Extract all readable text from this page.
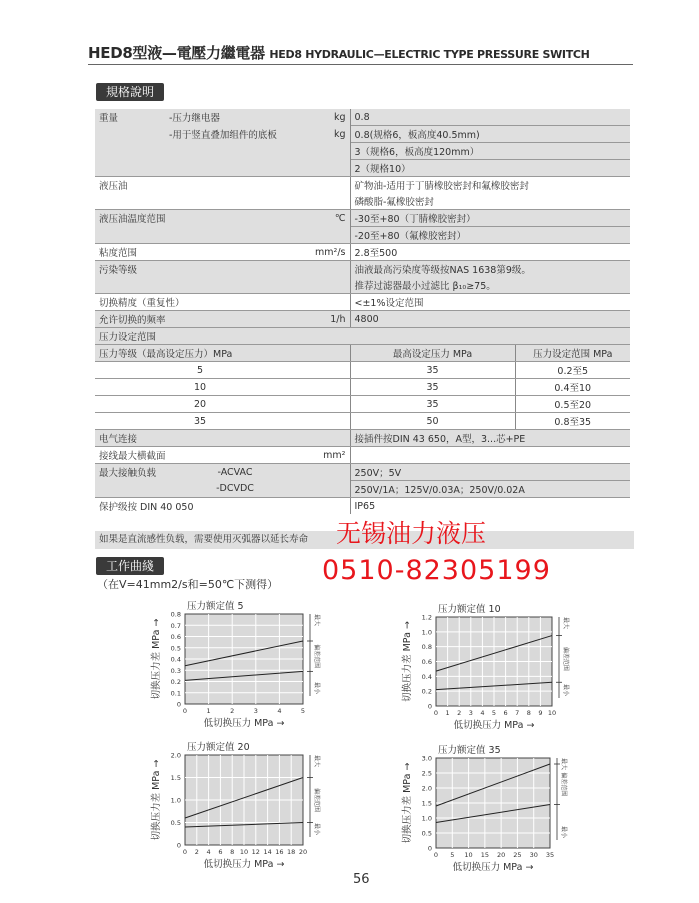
HED8型液—電壓力繼電器 HED8 HYDRAULIC—ELECTRIC TYPE PRESSURE SWITCH
規格說明
重量	-压力继电器	kg	0.8	
	-用于竖直叠加组件的底板	kg	0.8(规格6，板高度40.5mm)	
			3（规格6，板高度120mm）	
			2（规格10）	
液压油			矿物油-适用于丁腈橡胶密封和氟橡胶密封	
			磷酸脂-氟橡胶密封	
液压油温度范围		℃	-30至+80（丁腈橡胶密封）	
			-20至+80（氟橡胶密封）	
粘度范围		mm²/s	2.8至500	
污染等级			油液最高污染度等级按NAS 1638第9级。	
			推荐过滤器最小过滤比 β₁₀≥75。	
切换精度（重复性）			<±1%设定范围	
允许切换的频率		1/h	4800	
压力设定范围				
压力等级（最高设定压力）MPa			最高设定压力 MPa	压力设定范围 MPa
5			35	0.2至5
10			35	0.4至10
20			35	0.5至20
35			50	0.8至35
电气连接			接插件按DIN 43 650，A型，3...芯+PE	
接线最大横截面		mm²		
最大接触负载	-ACVAC		250V；5V	
	-DCVDC		250V/1A；125V/0.03A；250V/0.02A	
保护级按 DIN 40 050			IP65	
如果是直流感性负载，需要使用灭弧器以延长寿命	无锡油力液压
0510-82305199
工作曲綫
（在V=41mm2/s和=50℃下测得）
0	1	2	3	4	5
0
0.1
0.2
0.3
0.4
0.5
0.6
0.7
0.8	最大
偏差范围
最小
压力额定值 5
低切换压力 MPa →
切换压力差 MPa →
0 1 2 3 4 5 6 7 8 9 10
0
0.2
0.4
0.6
0.8
1.0
1.2	最大
偏差范围
最小
压力额定值 10
低切换压力 MPa →
切换压力差 MPa →
0 2 4 6 8 10 12 14 16 18 20
0
0.5
1.0
1.5
2.0	最大
偏差范围
最小
压力额定值 20
低切换压力 MPa →
切换压力差 MPa →
0 5 10 15 20 25 30 35
0
0.5
1.0
1.5
2.0
2.5
3.0	最大
偏差范围
最小
压力额定值 35
低切换压力 MPa →
切换压力差 MPa →
56
